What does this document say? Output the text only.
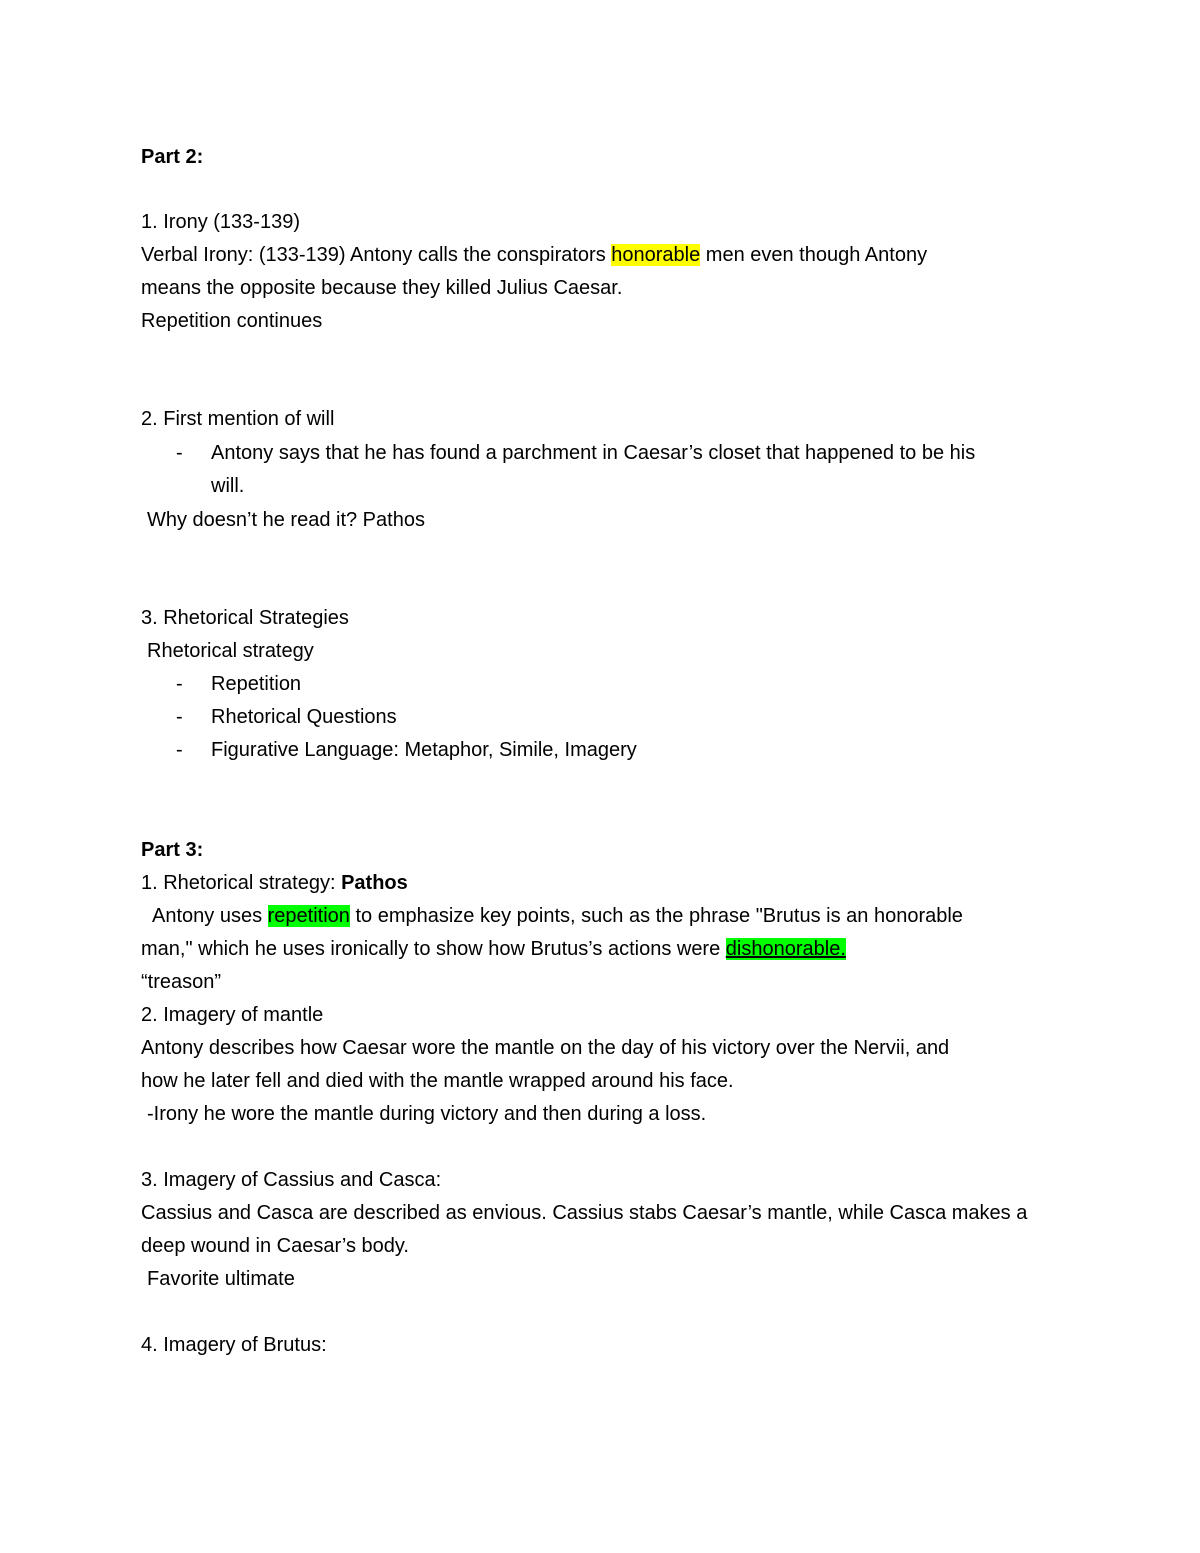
Part 2:
1. Irony (133-139)
Verbal Irony: (133-139) Antony calls the conspirators honorable men even though Antony
means the opposite because they killed Julius Caesar.
Repetition continues
2. First mention of will
- Antony says that he has found a parchment in Caesar’s closet that happened to be his
will.
Why doesn’t he read it? Pathos
3. Rhetorical Strategies
Rhetorical strategy
- Repetition
- Rhetorical Questions
- Figurative Language: Metaphor, Simile, Imagery
Part 3:
1. Rhetorical strategy: Pathos
Antony uses repetition to emphasize key points, such as the phrase "Brutus is an honorable
man," which he uses ironically to show how Brutus’s actions were dishonorable.
“treason”
2. Imagery of mantle
Antony describes how Caesar wore the mantle on the day of his victory over the Nervii, and
how he later fell and died with the mantle wrapped around his face.
-Irony he wore the mantle during victory and then during a loss.
3. Imagery of Cassius and Casca:
Cassius and Casca are described as envious. Cassius stabs Caesar’s mantle, while Casca makes a
deep wound in Caesar’s body.
Favorite ultimate
4. Imagery of Brutus:
